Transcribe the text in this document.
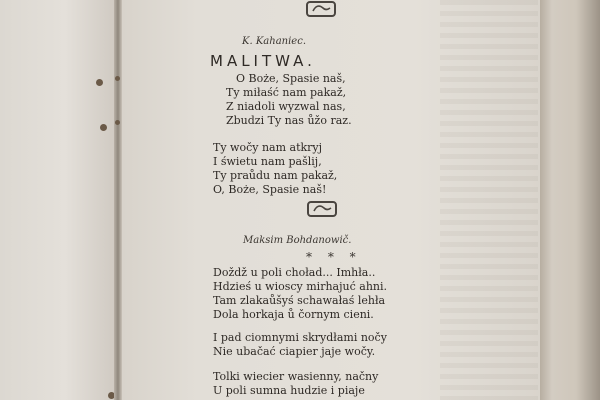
K. Kahaniec.
MALITWA.
O Boże, Spasie naš,
Ty miłaść nam pakaž,
Z niadoli wyzwal nas,
Zbudzi Ty nas ůžo raz.
Ty wočy nam atkryj
I świetu nam pašlij,
Ty praůdu nam pakaž,
O, Boże, Spasie naš!
Maksim Bohdanowič.
* * *
Doždž u poli choład... Imhła..
Hdzieś u wioscy mirhajuć ahni.
Tam zlakaůšyś schawałaś lehła
Dola horkaja ů čornym cieni.
I pad ciomnymi skrydłami nočy
Nie ubačać ciapier jaje wočy.
Tolki wiecier wasienny, načny
U poli sumna hudzie i piaje
